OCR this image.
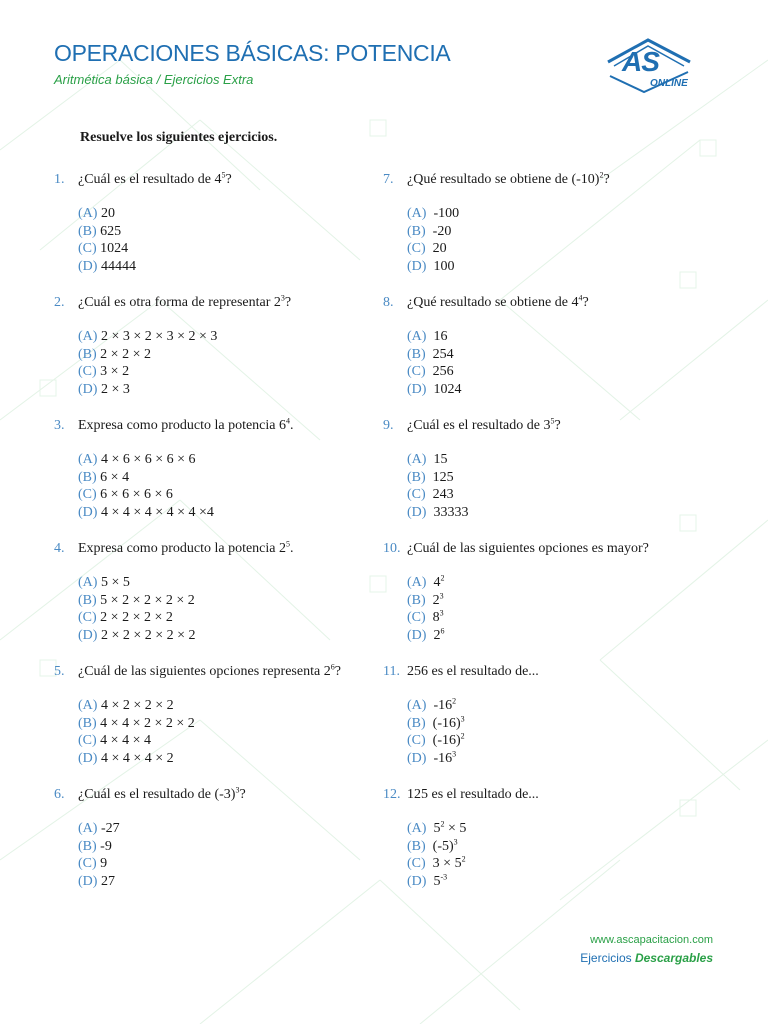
OPERACIONES BÁSICAS: POTENCIA
Aritmética básica / Ejercicios Extra
AS
ONLINE
Resuelve los siguientes ejercicios.
1. ¿Cuál es el resultado de $4^5$?
(A) 20
(B) 625
(C) 1024
(D) 44444
2. ¿Cuál es otra forma de representar $2^3$?
(A) 2 × 3 × 2 × 3 × 2 × 3
(B) 2 × 2 × 2
(C) 3 × 2
(D) 2 × 3
3. Expresa como producto la potencia $6^4$.
(A) 4 × 6 × 6 × 6 × 6
(B) 6 × 4
(C) 6 × 6 × 6 × 6
(D) 4 × 4 × 4 × 4 × 4 ×4
4. Expresa como producto la potencia $2^5$.
(A) 5 × 5
(B) 5 × 2 × 2 × 2 × 2
(C) 2 × 2 × 2 × 2
(D) 2 × 2 × 2 × 2 × 2
5. ¿Cuál de las siguientes opciones representa $2^6$?
(A) 4 × 2 × 2 × 2
(B) 4 × 4 × 2 × 2 × 2
(C) 4 × 4 × 4
(D) 4 × 4 × 4 × 2
6. ¿Cuál es el resultado de $(-3)^3$?
(A) -27
(B) -9
(C) 9
(D) 27
7. ¿Qué resultado se obtiene de $(-10)^2$?
(A)  -100
(B)  -20
(C)  20
(D)  100
8. ¿Qué resultado se obtiene de $4^4$?
(A)  16
(B)  254
(C)  256
(D)  1024
9. ¿Cuál es el resultado de $3^5$?
(A)  15
(B)  125
(C)  243
(D)  33333
10. ¿Cuál de las siguientes opciones es mayor?
(A)  $4^2$
(B)  $2^3$
(C)  $8^3$
(D)  $2^6$
11. 256 es el resultado de...
(A)  $-16^2$
(B)  $(-16)^3$
(C)  $(-16)^2$
(D)  $-16^3$
12. 125 es el resultado de...
(A)  $5^2 \times 5$
(B)  $(-5)^3$
(C)  $3 \times 5^2$
(D)  $5^{-3}$
www.ascapacitacion.com
Ejercicios Descargables
